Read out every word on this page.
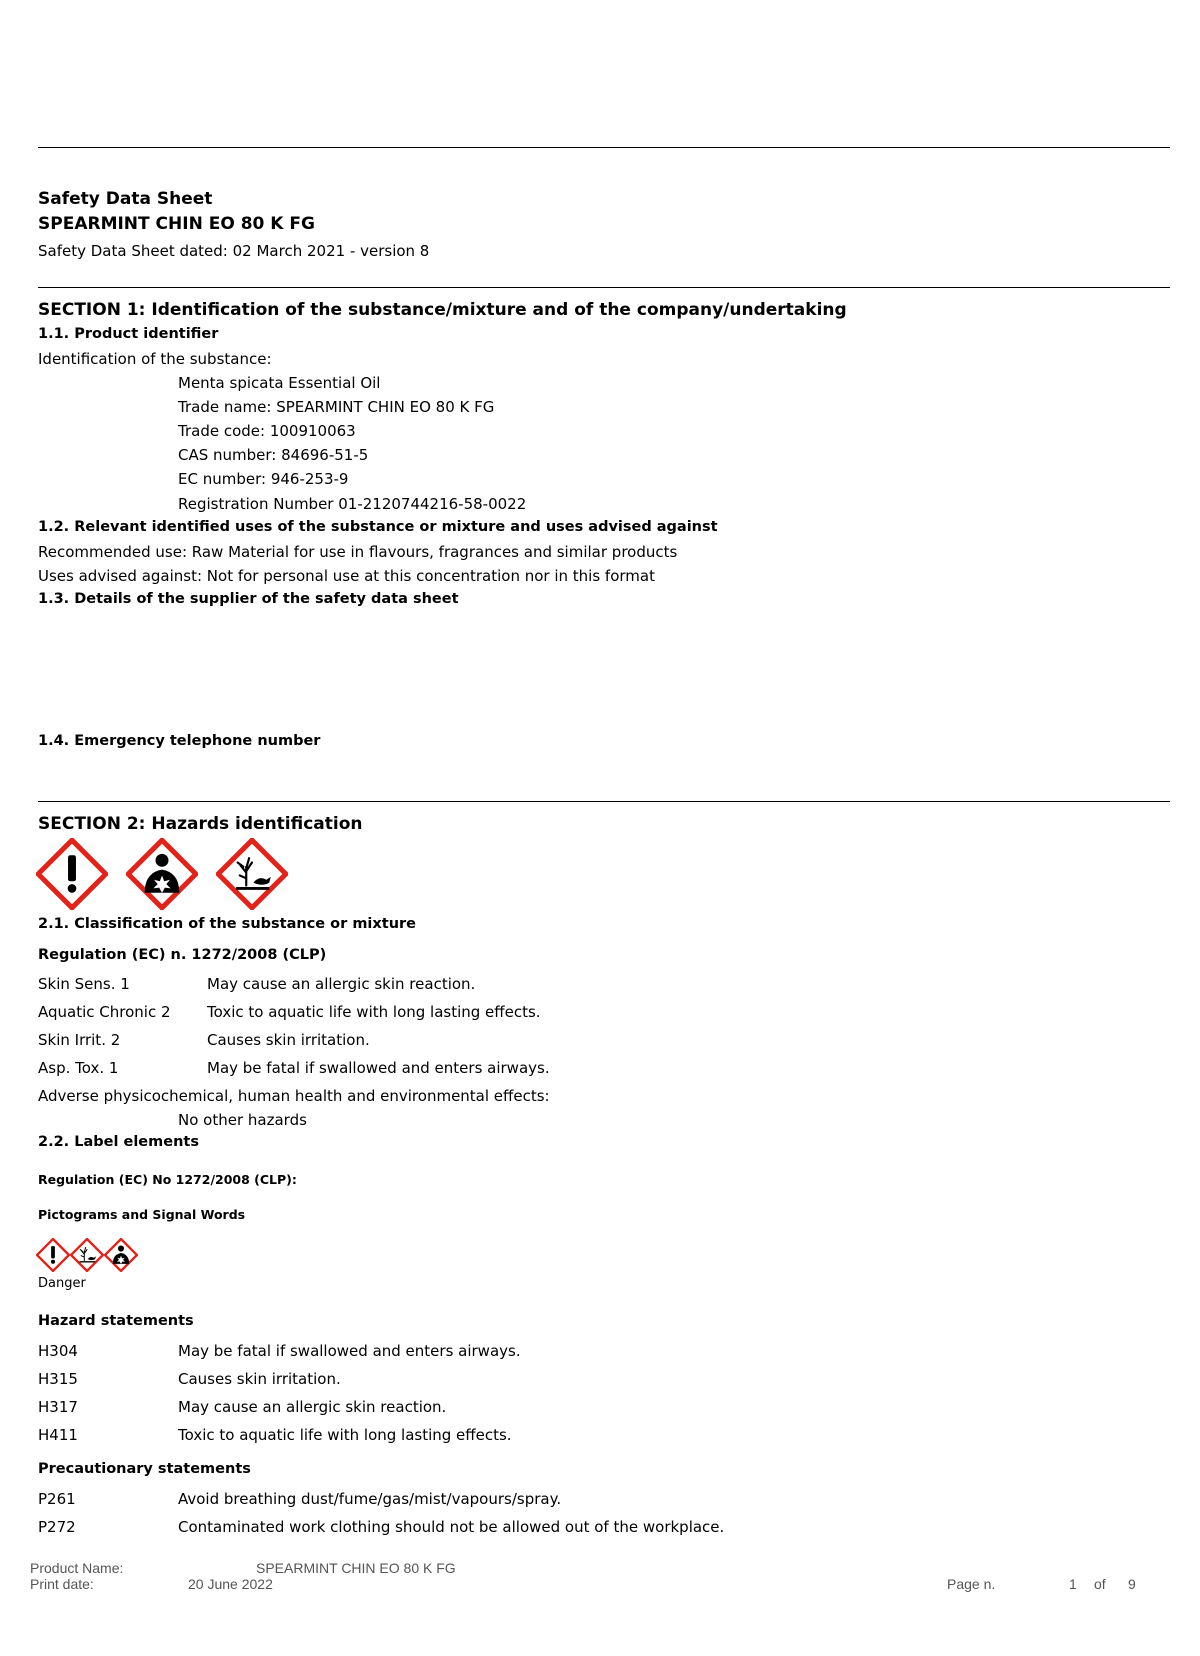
Safety Data Sheet
SPEARMINT CHIN EO 80 K FG
Safety Data Sheet dated: 02 March 2021 - version 8
SECTION 1: Identification of the substance/mixture and of the company/undertaking
1.1. Product identifier
Identification of the substance:
Menta spicata Essential Oil
Trade name: SPEARMINT CHIN EO 80 K FG
Trade code: 100910063
CAS number: 84696-51-5
EC number: 946-253-9
Registration Number 01-2120744216-58-0022
1.2. Relevant identified uses of the substance or mixture and uses advised against
Recommended use: Raw Material for use in flavours, fragrances and similar products
Uses advised against: Not for personal use at this concentration nor in this format
1.3. Details of the supplier of the safety data sheet
1.4. Emergency telephone number
SECTION 2: Hazards identification
2.1. Classification of the substance or mixture
Regulation (EC) n. 1272/2008 (CLP)
Skin Sens. 1	May cause an allergic skin reaction.
Aquatic Chronic 2 Toxic to aquatic life with long lasting effects.
Skin Irrit. 2	Causes skin irritation.
Asp. Tox. 1	May be fatal if swallowed and enters airways.
Adverse physicochemical, human health and environmental effects:
No other hazards
2.2. Label elements
Regulation (EC) No 1272/2008 (CLP):
Pictograms and Signal Words
Danger
Hazard statements
H304	May be fatal if swallowed and enters airways.
H315	Causes skin irritation.
H317	May cause an allergic skin reaction.
H411	Toxic to aquatic life with long lasting effects.
Precautionary statements
P261	Avoid breathing dust/fume/gas/mist/vapours/spray.
P272	Contaminated work clothing should not be allowed out of the workplace.
Product Name:	SPEARMINT CHIN EO 80 K FG
Print date:	20 June 2022	Page n.	1 of 9
